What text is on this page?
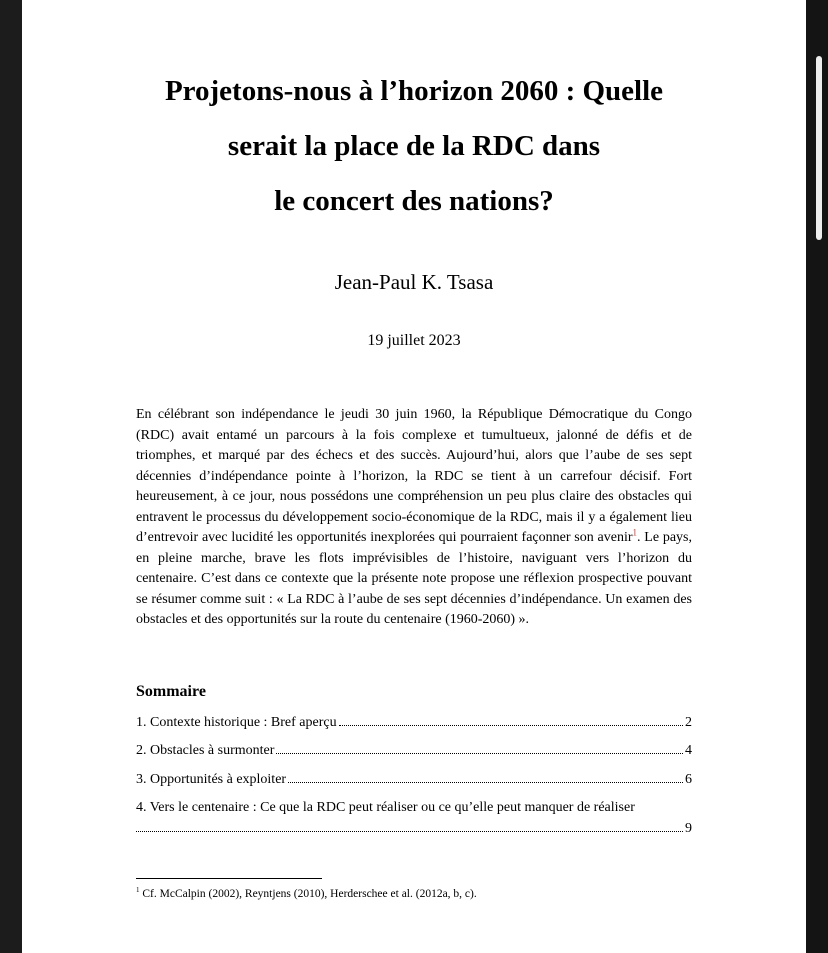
Projetons-nous à l’horizon 2060 : Quelle
serait la place de la RDC dans
le concert des nations?
Jean-Paul K. Tsasa
19 juillet 2023

En célébrant son indépendance le jeudi 30 juin 1960, la République Démocratique du Congo (RDC) avait entamé un parcours à la fois complexe et tumultueux, jalonné de défis et de triomphes, et marqué par des échecs et des succès. Aujourd’hui, alors que l’aube de ses sept décennies d’indépendance pointe à l’horizon, la RDC se tient à un carrefour décisif. Fort heureusement, à ce jour, nous possédons une compréhension un peu plus claire des obstacles qui entravent le processus du développement socio-économique de la RDC, mais il y a également lieu d’entrevoir avec lucidité les opportunités inexplorées qui pourraient façonner son avenir$^1$. Le pays, en pleine marche, brave les flots imprévisibles de l’histoire, naviguant vers l’horizon du centenaire. C’est dans ce contexte que la présente note propose une réflexion prospective pouvant se résumer comme suit : « La RDC à l’aube de ses sept décennies d’indépendance. Un examen des obstacles et des opportunités sur la route du centenaire (1960-2060) ».

Sommaire
1. Contexte historique : Bref aperçu	2
2. Obstacles à surmonter	4
3. Opportunités à exploiter	6
4. Vers le centenaire : Ce que la RDC peut réaliser ou ce qu’elle peut manquer de réaliser
9
$^1$ Cf. McCalpin (2002), Reyntjens (2010), Herderschee et al. (2012a, b, c).
